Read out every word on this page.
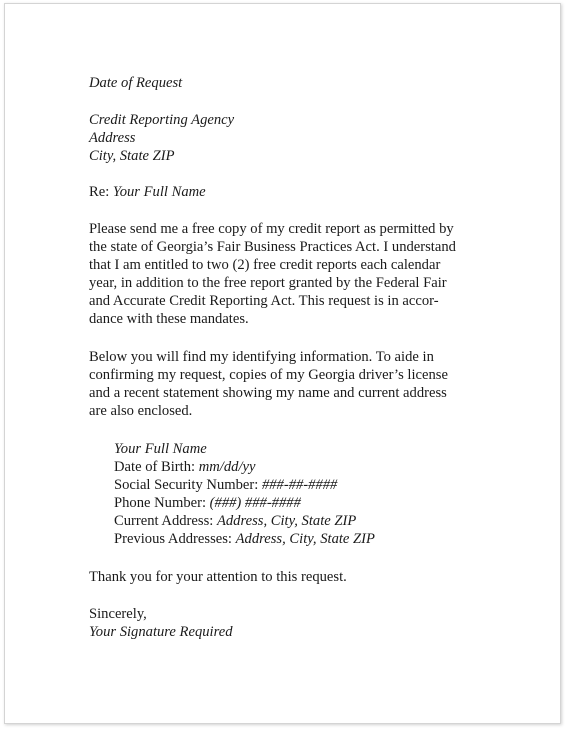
Date of Request
Credit Reporting Agency
Address
City, State ZIP
Re: Your Full Name
Please send me a free copy of my credit report as permitted by
the state of Georgia’s Fair Business Practices Act. I understand
that I am entitled to two (2) free credit reports each calendar
year, in addition to the free report granted by the Federal Fair
and Accurate Credit Reporting Act. This request is in accor-
dance with these mandates.
Below you will find my identifying information. To aide in
confirming my request, copies of my Georgia driver’s license
and a recent statement showing my name and current address
are also enclosed.
Your Full Name
Date of Birth: mm/dd/yy
Social Security Number: ###-##-####
Phone Number: (###) ###-####
Current Address: Address, City, State ZIP
Previous Addresses: Address, City, State ZIP
Thank you for your attention to this request.
Sincerely,
Your Signature Required
